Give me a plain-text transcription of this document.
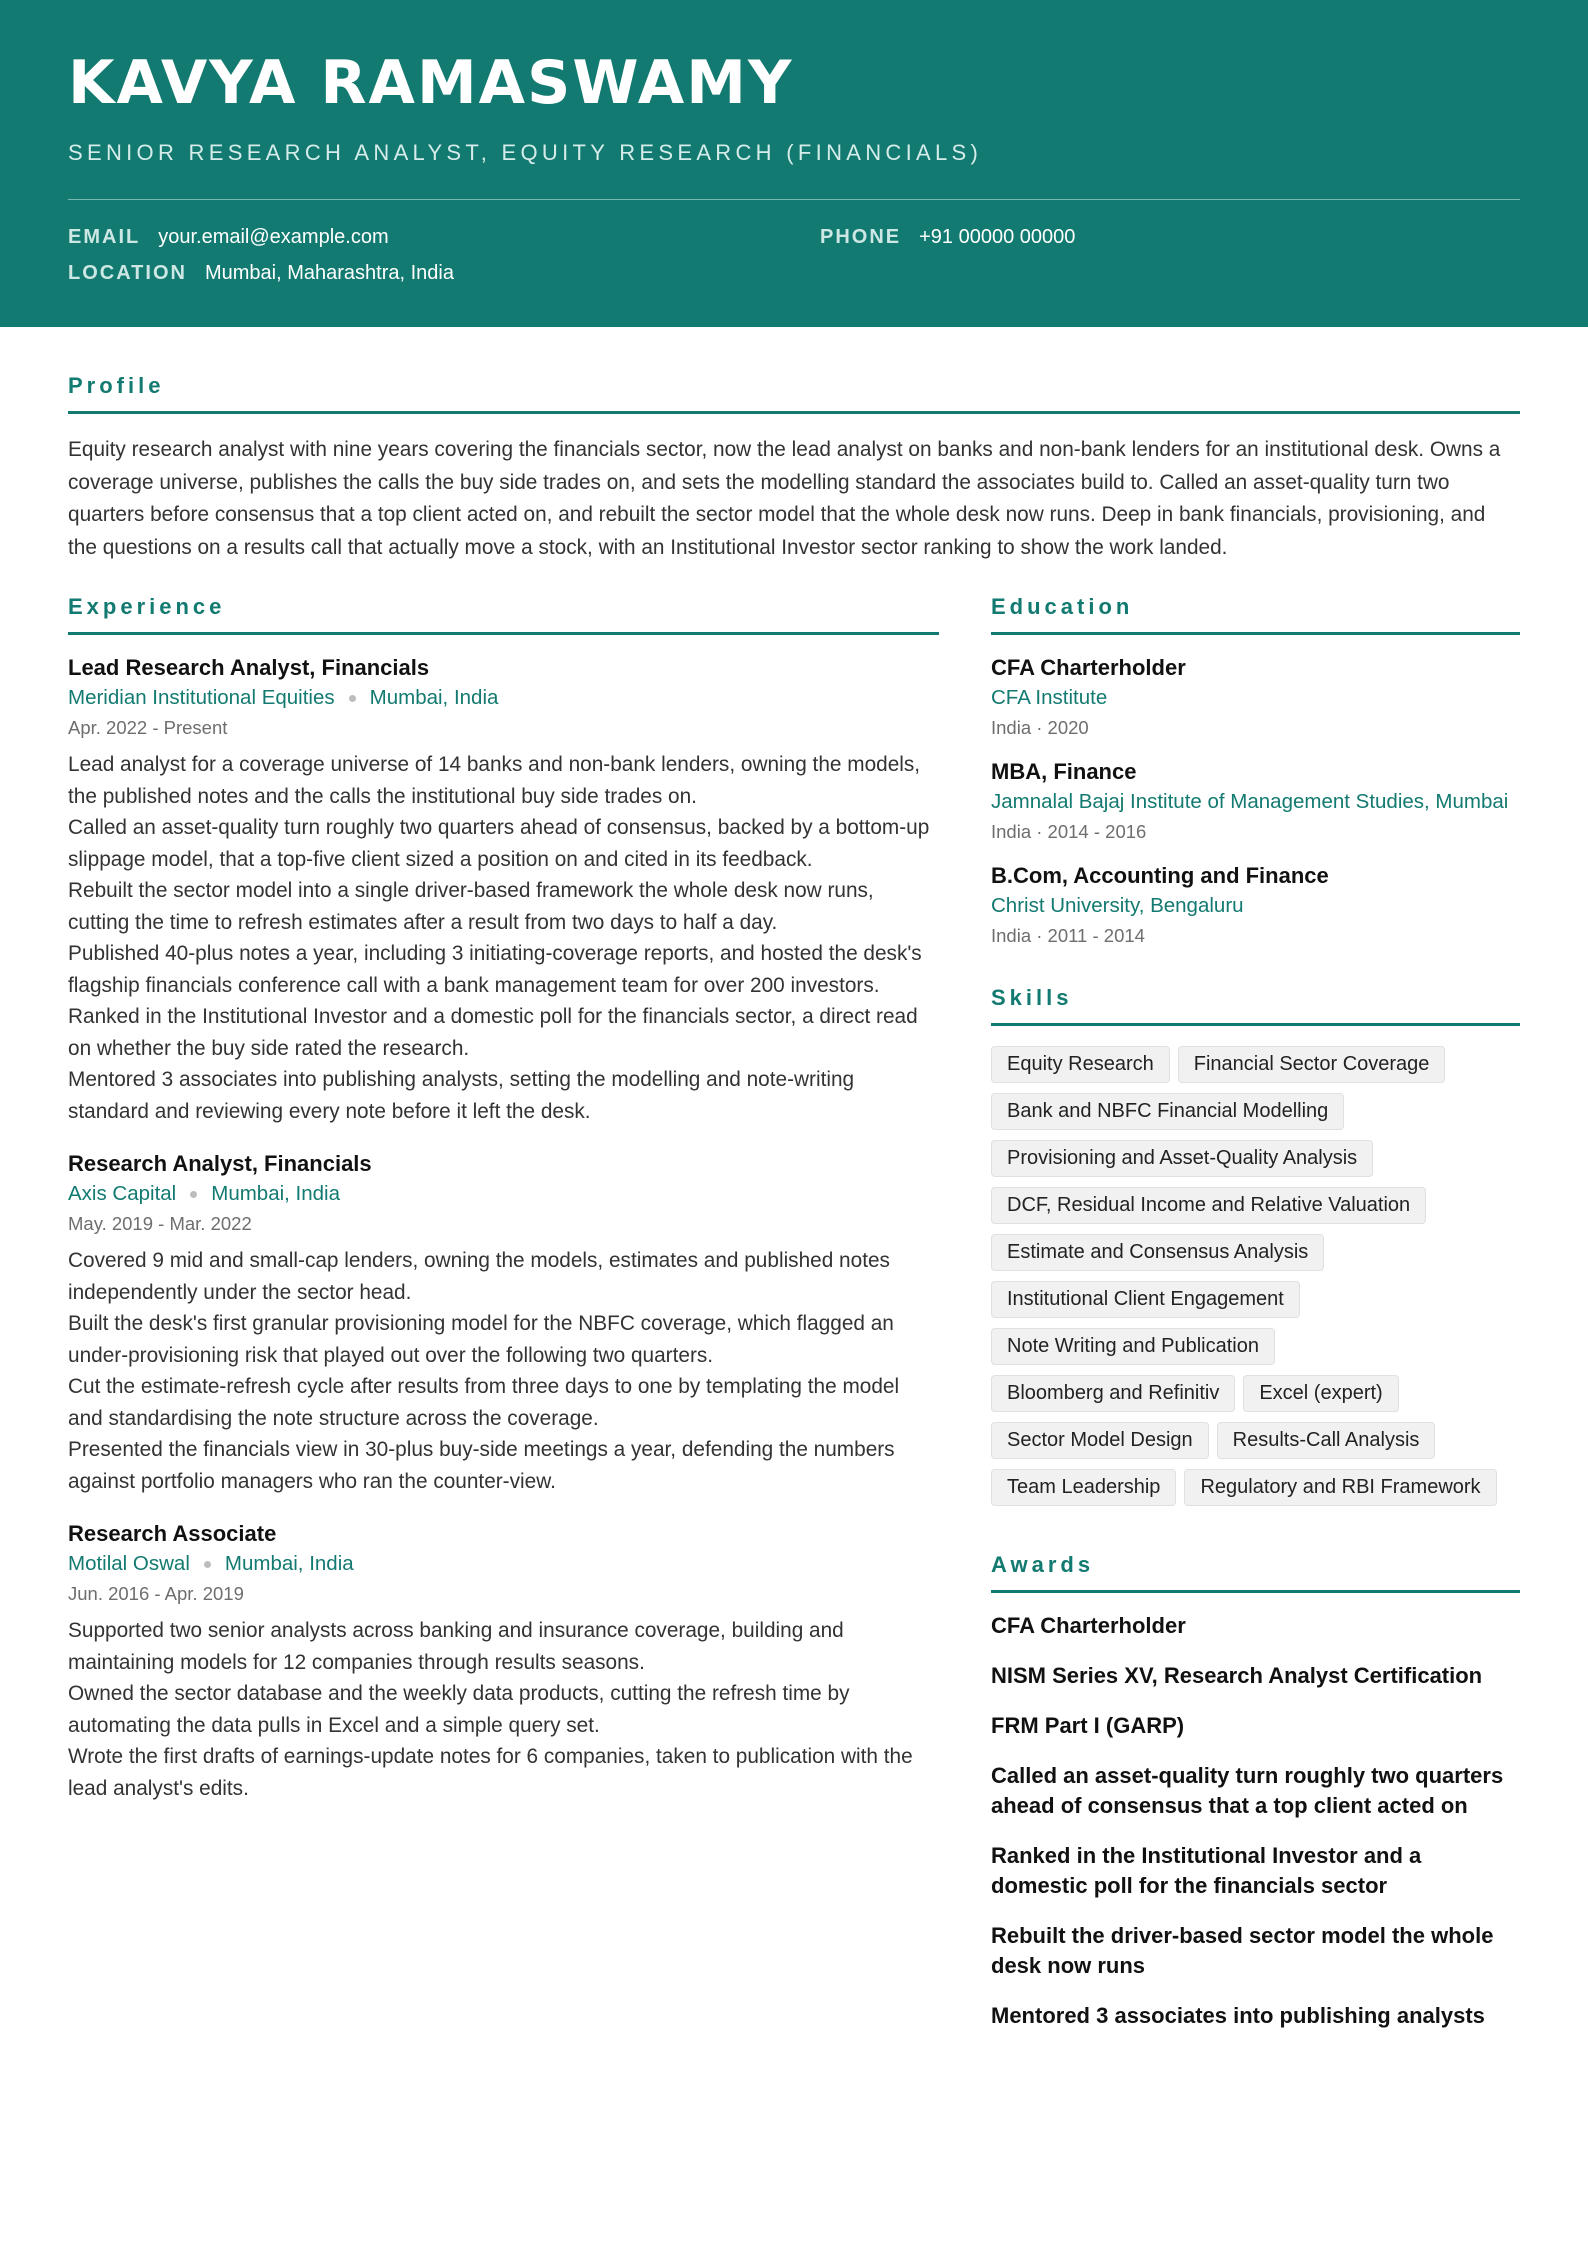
KAVYA RAMASWAMY
SENIOR RESEARCH ANALYST, EQUITY RESEARCH (FINANCIALS)
EMAIL your.email@example.com	PHONE +91 00000 00000
LOCATION Mumbai, Maharashtra, India
Profile
Equity research analyst with nine years covering the financials sector, now the lead analyst on banks and non-bank lenders for an institutional desk. Owns a coverage universe, publishes the calls the buy side trades on, and sets the modelling standard the associates build to. Called an asset-quality turn two quarters before consensus that a top client acted on, and rebuilt the sector model that the whole desk now runs. Deep in bank financials, provisioning, and the questions on a results call that actually move a stock, with an Institutional Investor sector ranking to show the work landed.
Experience
Lead Research Analyst, Financials
Meridian Institutional Equities Mumbai, India
Apr. 2022 - Present
Lead analyst for a coverage universe of 14 banks and non-bank lenders, owning the models, the published notes and the calls the institutional buy side trades on.
Called an asset-quality turn roughly two quarters ahead of consensus, backed by a bottom-up slippage model, that a top-five client sized a position on and cited in its feedback.
Rebuilt the sector model into a single driver-based framework the whole desk now runs, cutting the time to refresh estimates after a result from two days to half a day.
Published 40-plus notes a year, including 3 initiating-coverage reports, and hosted the desk's flagship financials conference call with a bank management team for over 200 investors.
Ranked in the Institutional Investor and a domestic poll for the financials sector, a direct read on whether the buy side rated the research.
Mentored 3 associates into publishing analysts, setting the modelling and note-writing standard and reviewing every note before it left the desk.
Research Analyst, Financials
Axis Capital Mumbai, India
May. 2019 - Mar. 2022
Covered 9 mid and small-cap lenders, owning the models, estimates and published notes independently under the sector head.
Built the desk's first granular provisioning model for the NBFC coverage, which flagged an under-provisioning risk that played out over the following two quarters.
Cut the estimate-refresh cycle after results from three days to one by templating the model and standardising the note structure across the coverage.
Presented the financials view in 30-plus buy-side meetings a year, defending the numbers against portfolio managers who ran the counter-view.
Research Associate
Motilal Oswal Mumbai, India
Jun. 2016 - Apr. 2019
Supported two senior analysts across banking and insurance coverage, building and maintaining models for 12 companies through results seasons.
Owned the sector database and the weekly data products, cutting the refresh time by automating the data pulls in Excel and a simple query set.
Wrote the first drafts of earnings-update notes for 6 companies, taken to publication with the lead analyst's edits.
Education
CFA Charterholder
CFA Institute
India · 2020
MBA, Finance
Jamnalal Bajaj Institute of Management Studies, Mumbai
India · 2014 - 2016
B.Com, Accounting and Finance
Christ University, Bengaluru
India · 2011 - 2014
Skills
Equity Research	Financial Sector Coverage
Bank and NBFC Financial Modelling
Provisioning and Asset-Quality Analysis
DCF, Residual Income and Relative Valuation
Estimate and Consensus Analysis
Institutional Client Engagement
Note Writing and Publication
Bloomberg and Refinitiv	Excel (expert)
Sector Model Design	Results-Call Analysis
Team Leadership	Regulatory and RBI Framework
Awards
CFA Charterholder
NISM Series XV, Research Analyst Certification
FRM Part I (GARP)
Called an asset-quality turn roughly two quarters ahead of consensus that a top client acted on
Ranked in the Institutional Investor and a domestic poll for the financials sector
Rebuilt the driver-based sector model the whole desk now runs
Mentored 3 associates into publishing analysts
